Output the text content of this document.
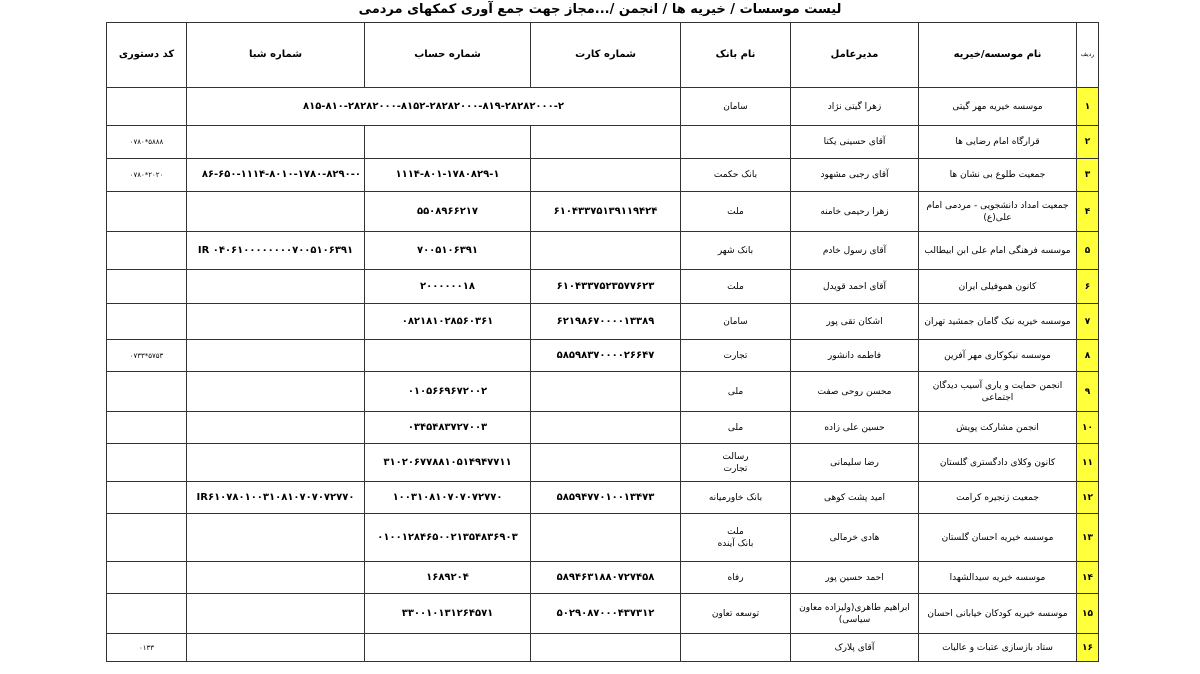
لیست موسسات / خیریه ها / انجمن /...مجاز جهت جمع آوری کمکهای مردمی
ردیف	نام موسسه/خیریه	مدیرعامل	نام بانک	شماره کارت	شماره حساب	شماره شبا	کد دستوری
۱	موسسه خیریه مهر گیتی	زهرا گیتی نژاد	سامان	۸۱۵-۸۱۰-۲۸۲۸۲۰۰۰-۸۱۵۲-۲۸۲۸۲۰۰۰-۸۱۹-۲۸۲۸۲۰۰۰-۲			
۲	قرارگاه امام رضایی ها	آقای حسینی یکتا					۰۷۸۰*۵۸۸۸
۳	جمعیت طلوع بی نشان ها	آقای رجبی مشهود	بانک حکمت		۱۱۱۴-۸۰۱-۱۷۸۰۸۲۹-۱	۸۶-۶۵۰-۱۱۱۴-۸۰۱۰-۱۷۸۰-۸۲۹۰-۰	۰۷۸۰*۲۰۲۰
۴	جمعیت امداد دانشجویی - مردمی امام علی(ع)	زهرا رحیمی خامنه	ملت	۶۱۰۴۳۳۷۵۱۳۹۱۱۹۴۲۴	۵۵۰۸۹۶۶۲۱۷		
۵	موسسه فرهنگی امام علی ابن ابیطالب	آقای رسول خادم	بانک شهر		۷۰۰۵۱۰۶۳۹۱	IR ۰۴۰۶۱۰۰۰۰۰۰۰۰۷۰۰۵۱۰۶۳۹۱	
۶	کانون هموفیلی ایران	آقای احمد قویدل	ملت	۶۱۰۴۳۳۷۵۲۳۵۷۷۶۲۳	۲۰۰۰۰۰۰۱۸		
۷	موسسه خیریه نیک گامان جمشید تهران	اشکان تقی پور	سامان	۶۲۱۹۸۶۷۰۰۰۰۱۳۳۸۹	۰۸۲۱۸۱۰۲۸۵۶۰۳۶۱		
۸	موسسه نیکوکاری مهر آفرین	فاطمه دانشور	تجارت	۵۸۵۹۸۳۷۰۰۰۰۲۶۶۴۷			۰۷۳۳*۵۷۵۳
۹	انجمن حمایت و یاری آسیب دیدگان اجتماعی	محسن روحی صفت	ملی		۰۱۰۵۶۶۹۶۷۲۰۰۲		
۱۰	انجمن مشارکت پویش	حسین علی زاده	ملی		۰۳۴۵۴۸۳۷۲۷۰۰۳		
۱۱	کانون وکلای دادگستری گلستان	رضا سلیمانی	رسالت
تجارت		۳۱۰۲۰۶۷۷۸۸۱۰۵۱۴۹۴۷۷۱۱		
۱۲	جمعیت زنجیره کرامت	امید پشت کوهی	بانک خاورمیانه	۵۸۵۹۴۷۷۰۱۰۰۱۳۴۷۳	۱۰۰۳۱۰۸۱۰۷۰۷۰۷۲۷۷۰	IR۶۱۰۷۸۰۱۰۰۳۱۰۸۱۰۷۰۷۰۷۲۷۷۰	
۱۳	موسسه خیریه احسان گلستان	هادی خرمالی	ملت
بانک آینده		۰۱۰۰۱۲۸۴۶۵۰۰۲۱۳۵۴۸۳۶۹۰۳		
۱۴	موسسه خیریه سیدالشهدا	احمد حسین پور	رفاه	۵۸۹۴۶۳۱۸۸۰۷۲۷۴۵۸	۱۶۸۹۲۰۴		
۱۵	موسسه خیریه کودکان خیابانی احسان	ابراهیم طاهری(ولیزاده معاون سیاسی)	توسعه تعاون	۵۰۲۹۰۸۷۰۰۰۴۳۷۳۱۲	۳۳۰۰۱۰۱۳۱۲۶۴۵۷۱		
۱۶	ستاد بازسازی عتبات و عالیات	آقای پلارک					۰۱۳۳
